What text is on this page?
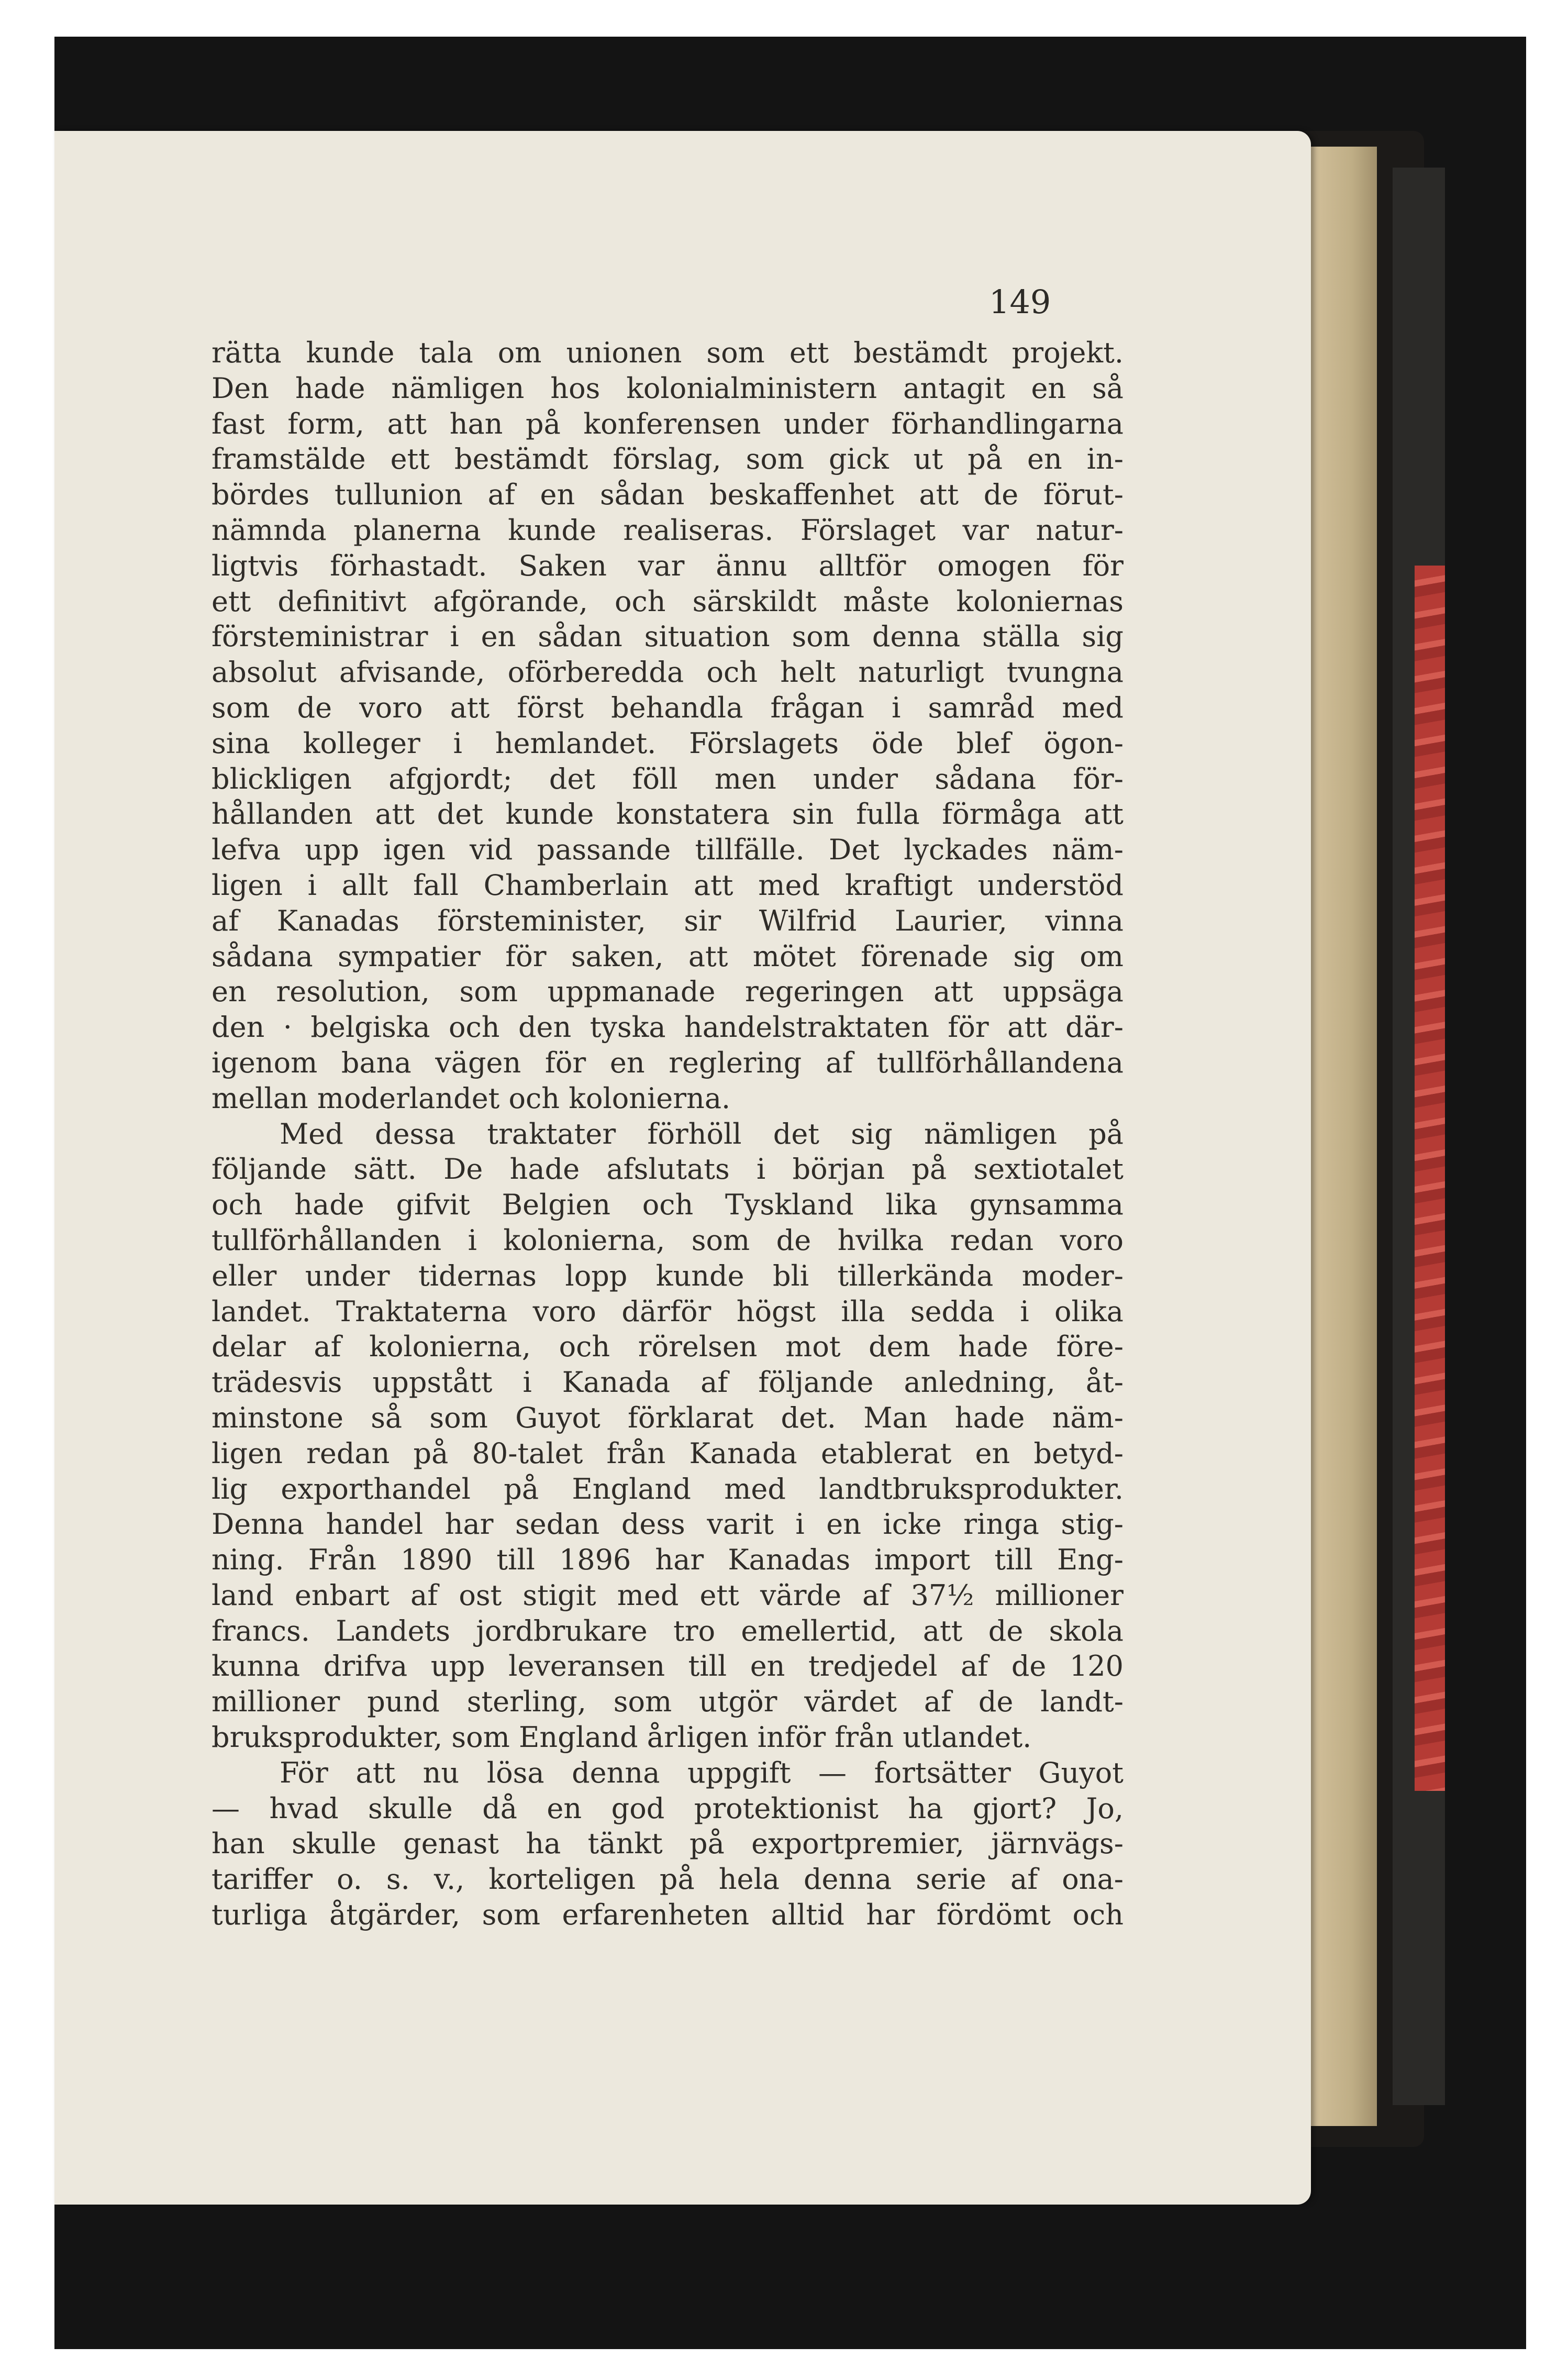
149
rätta kunde tala om unionen som ett bestämdt projekt.
Den hade nämligen hos kolonialministern antagit en så
fast form, att han på konferensen under förhandlingarna
framstälde ett bestämdt förslag, som gick ut på en in-
bördes tullunion af en sådan beskaffenhet att de förut-
nämnda planerna kunde realiseras. Förslaget var natur-
ligtvis förhastadt. Saken var ännu alltför omogen för
ett definitivt afgörande, och särskildt måste koloniernas
försteministrar i en sådan situation som denna ställa sig
absolut afvisande, oförberedda och helt naturligt tvungna
som de voro att först behandla frågan i samråd med
sina kolleger i hemlandet. Förslagets öde blef ögon-
blickligen afgjordt; det föll men under sådana för-
hållanden att det kunde konstatera sin fulla förmåga att
lefva upp igen vid passande tillfälle. Det lyckades näm-
ligen i allt fall Chamberlain att med kraftigt understöd
af Kanadas försteminister, sir Wilfrid Laurier, vinna
sådana sympatier för saken, att mötet förenade sig om
en resolution, som uppmanade regeringen att uppsäga
den · belgiska och den tyska handelstraktaten för att där-
igenom bana vägen för en reglering af tullförhållandena
mellan moderlandet och kolonierna.
Med dessa traktater förhöll det sig nämligen på
följande sätt. De hade afslutats i början på sextiotalet
och hade gifvit Belgien och Tyskland lika gynsamma
tullförhållanden i kolonierna, som de hvilka redan voro
eller under tidernas lopp kunde bli tillerkända moder-
landet. Traktaterna voro därför högst illa sedda i olika
delar af kolonierna, och rörelsen mot dem hade före-
trädesvis uppstått i Kanada af följande anledning, åt-
minstone så som Guyot förklarat det. Man hade näm-
ligen redan på 80-talet från Kanada etablerat en betyd-
lig exporthandel på England med landtbruksprodukter.
Denna handel har sedan dess varit i en icke ringa stig-
ning. Från 1890 till 1896 har Kanadas import till Eng-
land enbart af ost stigit med ett värde af 37½ millioner
francs. Landets jordbrukare tro emellertid, att de skola
kunna drifva upp leveransen till en tredjedel af de 120
millioner pund sterling, som utgör värdet af de landt-
bruksprodukter, som England årligen inför från utlandet.
För att nu lösa denna uppgift — fortsätter Guyot
— hvad skulle då en god protektionist ha gjort? Jo,
han skulle genast ha tänkt på exportpremier, järnvägs-
tariffer o. s. v., korteligen på hela denna serie af ona-
turliga åtgärder, som erfarenheten alltid har fördömt och
